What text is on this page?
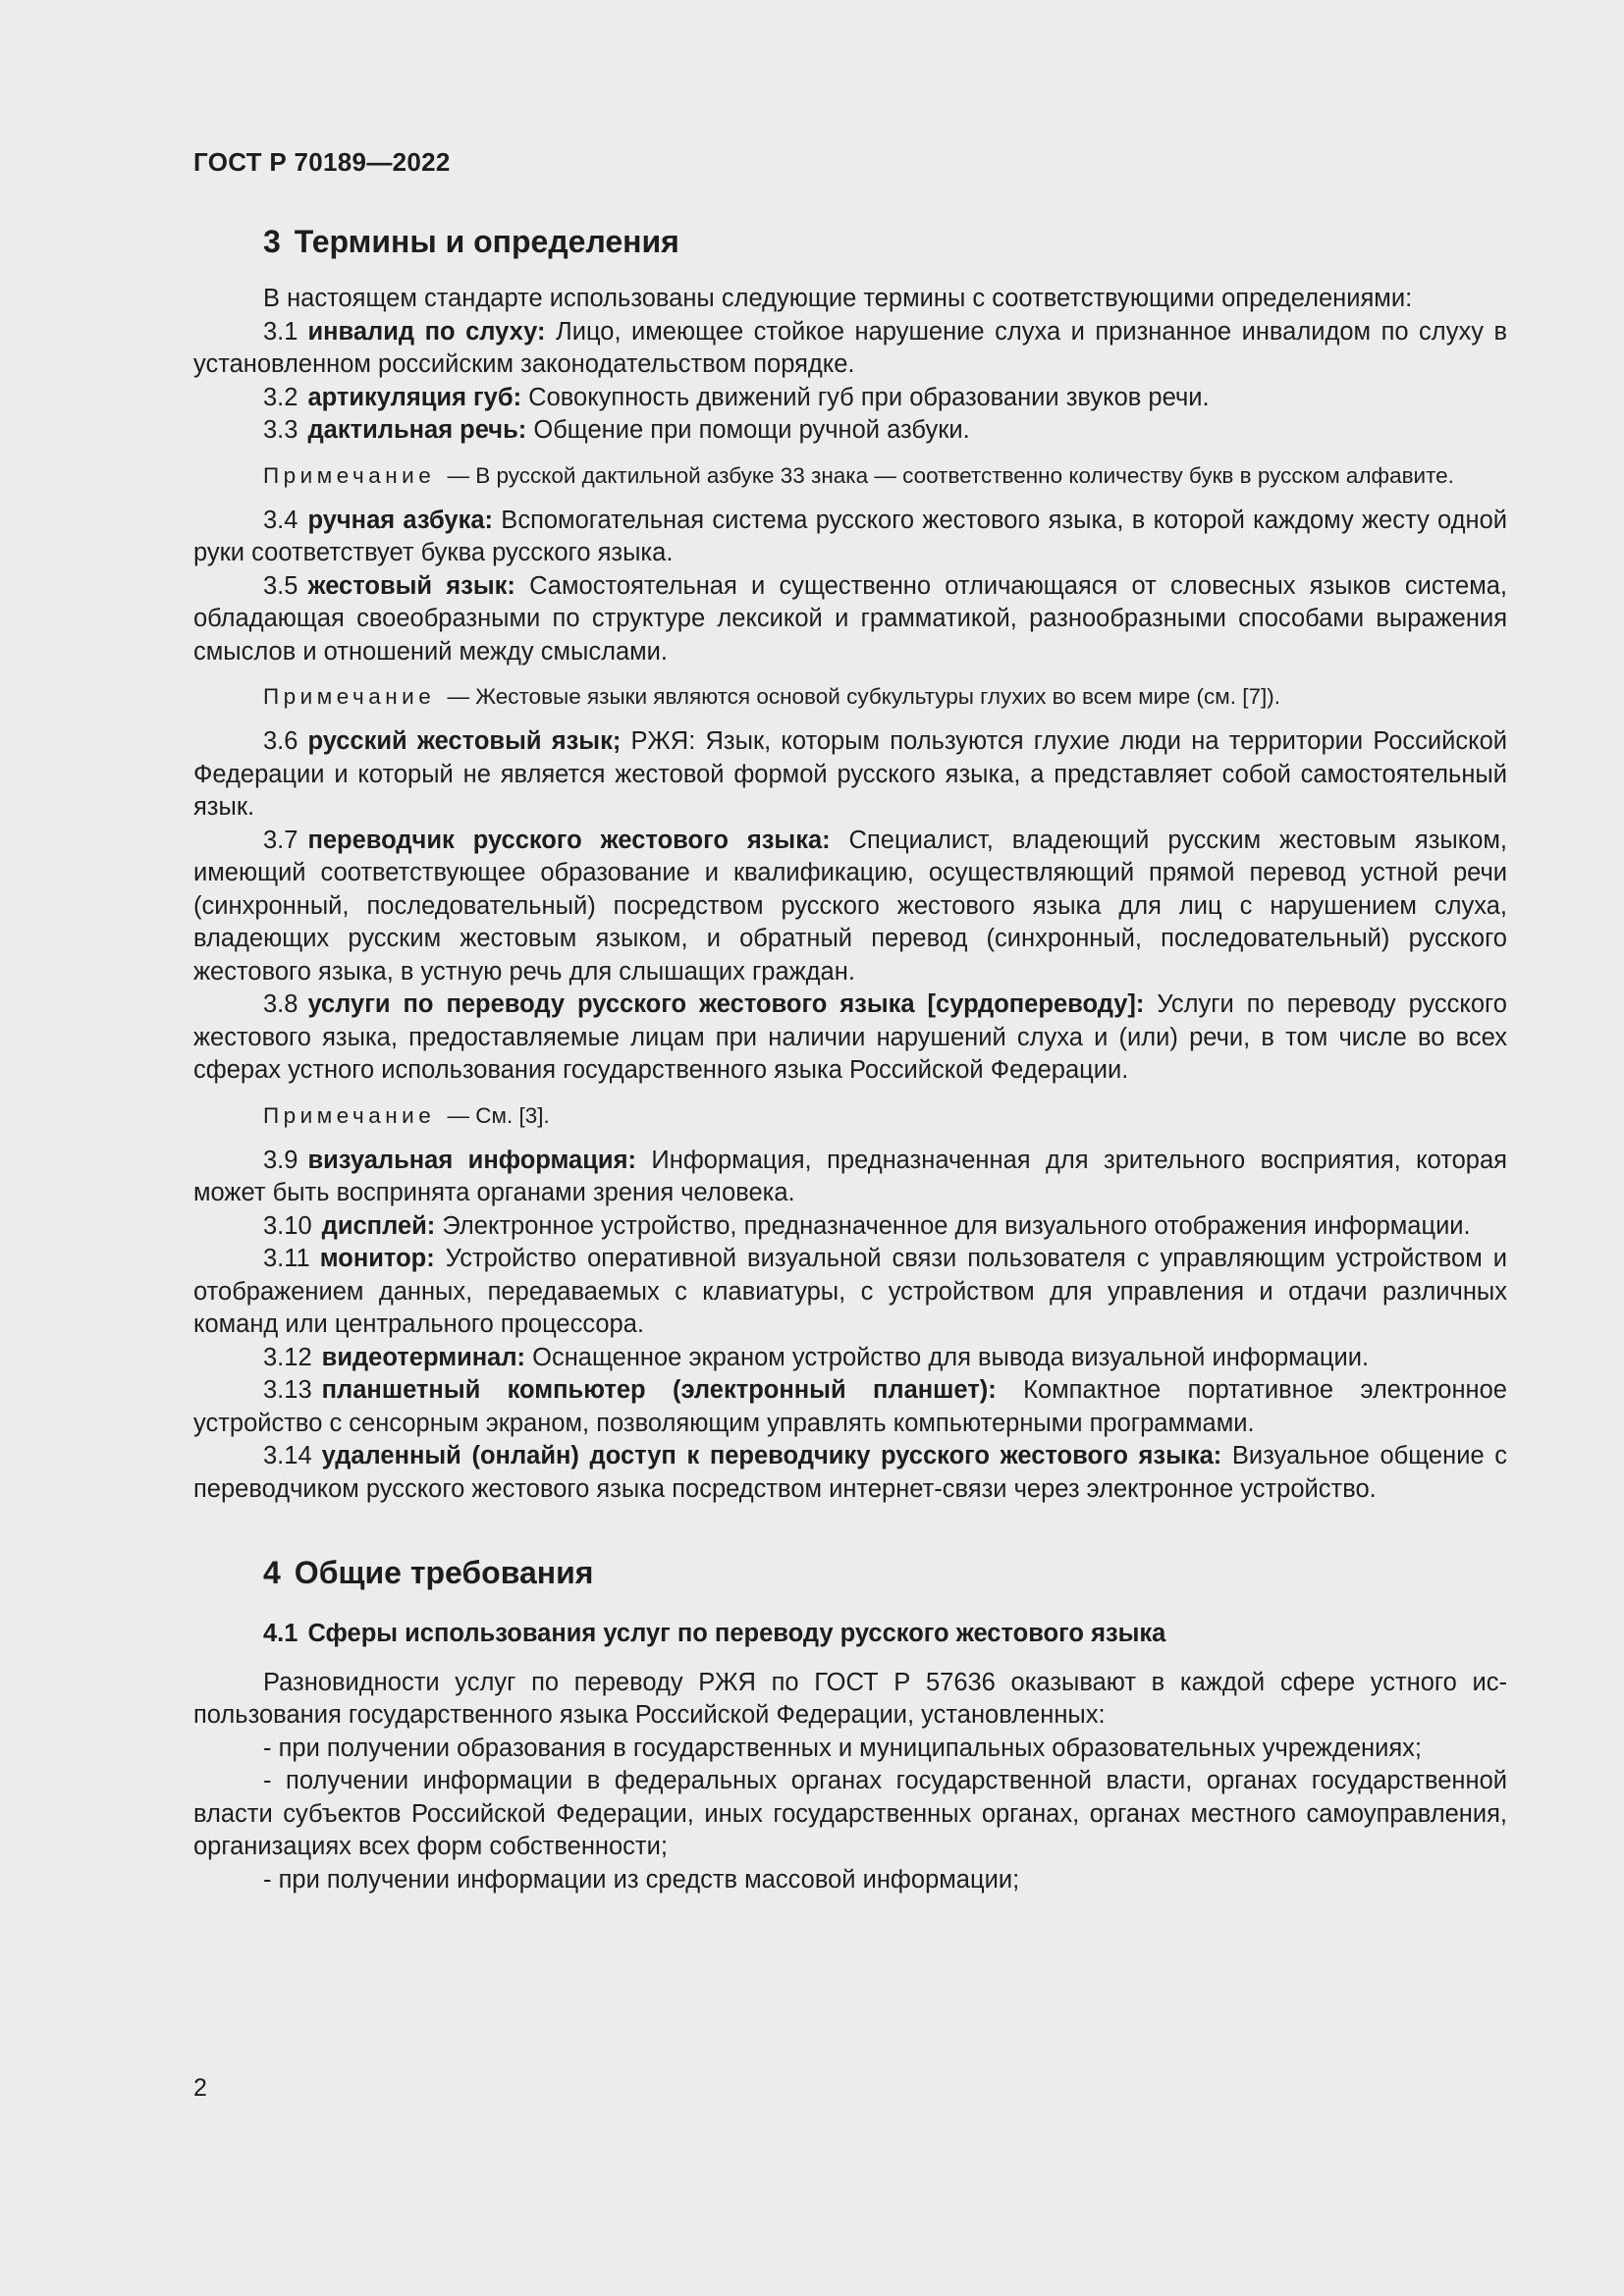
ГОСТ Р 70189—2022
3 Термины и определения

В настоящем стандарте использованы следующие термины с соответствующими определениями:

3.1 инвалид по слуху: Лицо, имеющее стойкое нарушение слуха и признанное инвалидом по слуху в установленном российским законодательством порядке.

3.2 артикуляция губ: Совокупность движений губ при образовании звуков речи.

3.3 дактильная речь: Общение при помощи ручной азбуки.

Примечание — В русской дактильной азбуке 33 знака — соответственно количеству букв в русском алфавите.

3.4 ручная азбука: Вспомогательная система русского жестового языка, в которой каждому жесту одной руки соответствует буква русского языка.

3.5 жестовый язык: Самостоятельная и существенно отличающаяся от словесных языков система, обладающая своеобразными по структуре лексикой и грамматикой, разнообразными способами выражения смыслов и отношений между смыслами.

Примечание — Жестовые языки являются основой субкультуры глухих во всем мире (см. [7]).

3.6 русский жестовый язык; РЖЯ: Язык, которым пользуются глухие люди на территории Российской Федерации и который не является жестовой формой русского языка, а представляет собой самостоятельный язык.

3.7 переводчик русского жестового языка: Специалист, владеющий русским жестовым языком, имеющий соответствующее образование и квалификацию, осуществляющий прямой перевод устной речи (синхронный, последовательный) посредством русского жестового языка для лиц с нарушением слуха, владеющих русским жестовым языком, и обратный перевод (синхронный, последовательный) русского жестового языка, в устную речь для слышащих граждан.

3.8 услуги по переводу русского жестового языка [сурдопереводу]: Услуги по переводу русского жестового языка, предоставляемые лицам при наличии нарушений слуха и (или) речи, в том числе во всех сферах устного использования государственного языка Российской Федерации.

Примечание — См. [3].

3.9 визуальная информация: Информация, предназначенная для зрительного восприятия, которая может быть воспринята органами зрения человека.

3.10 дисплей: Электронное устройство, предназначенное для визуального отображения информации.

3.11 монитор: Устройство оперативной визуальной связи пользователя с управляющим устройством и отображением данных, передаваемых с клавиатуры, с устройством для управления и отдачи различных команд или центрального процессора.

3.12 видеотерминал: Оснащенное экраном устройство для вывода визуальной информации.

3.13 планшетный компьютер (электронный планшет): Компактное портативное электронное устройство с сенсорным экраном, позволяющим управлять компьютерными программами.

3.14 удаленный (онлайн) доступ к переводчику русского жестового языка: Визуальное общение с переводчиком русского жестового языка посредством интернет-связи через электронное устройство.

4 Общие требования
4.1 Сферы использования услуг по переводу русского жестового языка

Разновидности услуг по переводу РЖЯ по ГОСТ Р 57636 оказывают в каждой сфере устного использования государственного языка Российской Федерации, установленных:

- при получении образования в государственных и муниципальных образовательных учреждениях;

- получении информации в федеральных органах государственной власти, органах государственной власти субъектов Российской Федерации, иных государственных органах, органах местного самоуправления, организациях всех форм собственности;

- при получении информации из средств массовой информации;

2
